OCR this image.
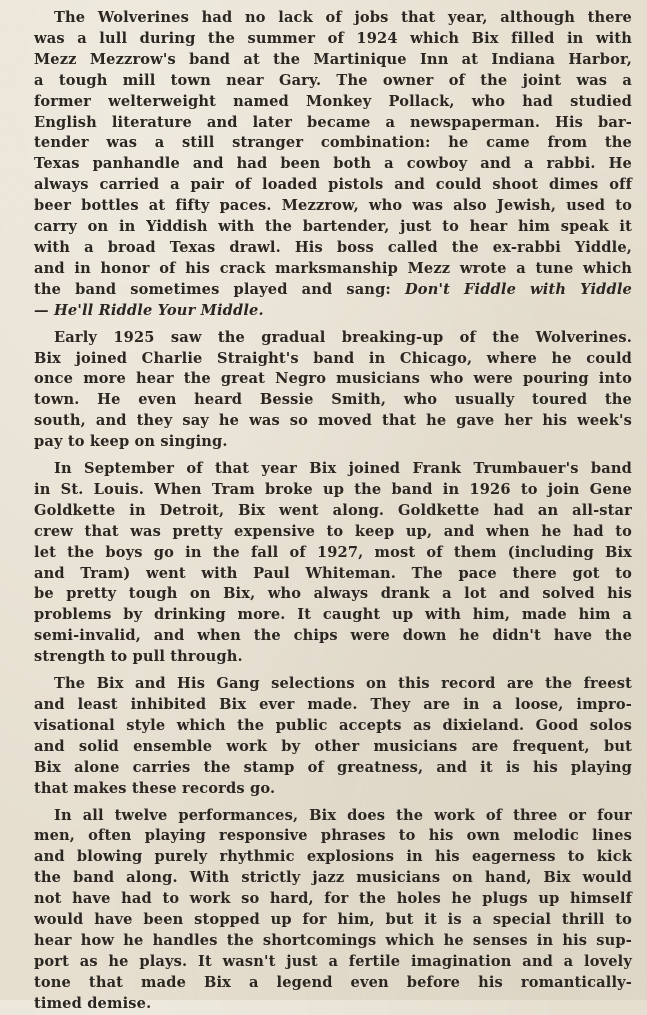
The Wolverines had no lack of jobs that year, although there
was a lull during the summer of 1924 which Bix filled in with
Mezz Mezzrow's band at the Martinique Inn at Indiana Harbor,
a tough mill town near Gary. The owner of the joint was a
former welterweight named Monkey Pollack, who had studied
English literature and later became a newspaperman. His bar-
tender was a still stranger combination: he came from the
Texas panhandle and had been both a cowboy and a rabbi. He
always carried a pair of loaded pistols and could shoot dimes off
beer bottles at fifty paces. Mezzrow, who was also Jewish, used to
carry on in Yiddish with the bartender, just to hear him speak it
with a broad Texas drawl. His boss called the ex-rabbi Yiddle,
and in honor of his crack marksmanship Mezz wrote a tune which
the band sometimes played and sang: Don't Fiddle with Yiddle
— He'll Riddle Your Middle.

Early 1925 saw the gradual breaking-up of the Wolverines.
Bix joined Charlie Straight's band in Chicago, where he could
once more hear the great Negro musicians who were pouring into
town. He even heard Bessie Smith, who usually toured the
south, and they say he was so moved that he gave her his week's
pay to keep on singing.

In September of that year Bix joined Frank Trumbauer's band
in St. Louis. When Tram broke up the band in 1926 to join Gene
Goldkette in Detroit, Bix went along. Goldkette had an all-star
crew that was pretty expensive to keep up, and when he had to
let the boys go in the fall of 1927, most of them (including Bix
and Tram) went with Paul Whiteman. The pace there got to
be pretty tough on Bix, who always drank a lot and solved his
problems by drinking more. It caught up with him, made him a
semi-invalid, and when the chips were down he didn't have the
strength to pull through.

The Bix and His Gang selections on this record are the freest
and least inhibited Bix ever made. They are in a loose, impro-
visational style which the public accepts as dixieland. Good solos
and solid ensemble work by other musicians are frequent, but
Bix alone carries the stamp of greatness, and it is his playing
that makes these records go.

In all twelve performances, Bix does the work of three or four
men, often playing responsive phrases to his own melodic lines
and blowing purely rhythmic explosions in his eagerness to kick
the band along. With strictly jazz musicians on hand, Bix would
not have had to work so hard, for the holes he plugs up himself
would have been stopped up for him, but it is a special thrill to
hear how he handles the shortcomings which he senses in his sup-
port as he plays. It wasn't just a fertile imagination and a lovely
tone that made Bix a legend even before his romantically-
timed demise.
